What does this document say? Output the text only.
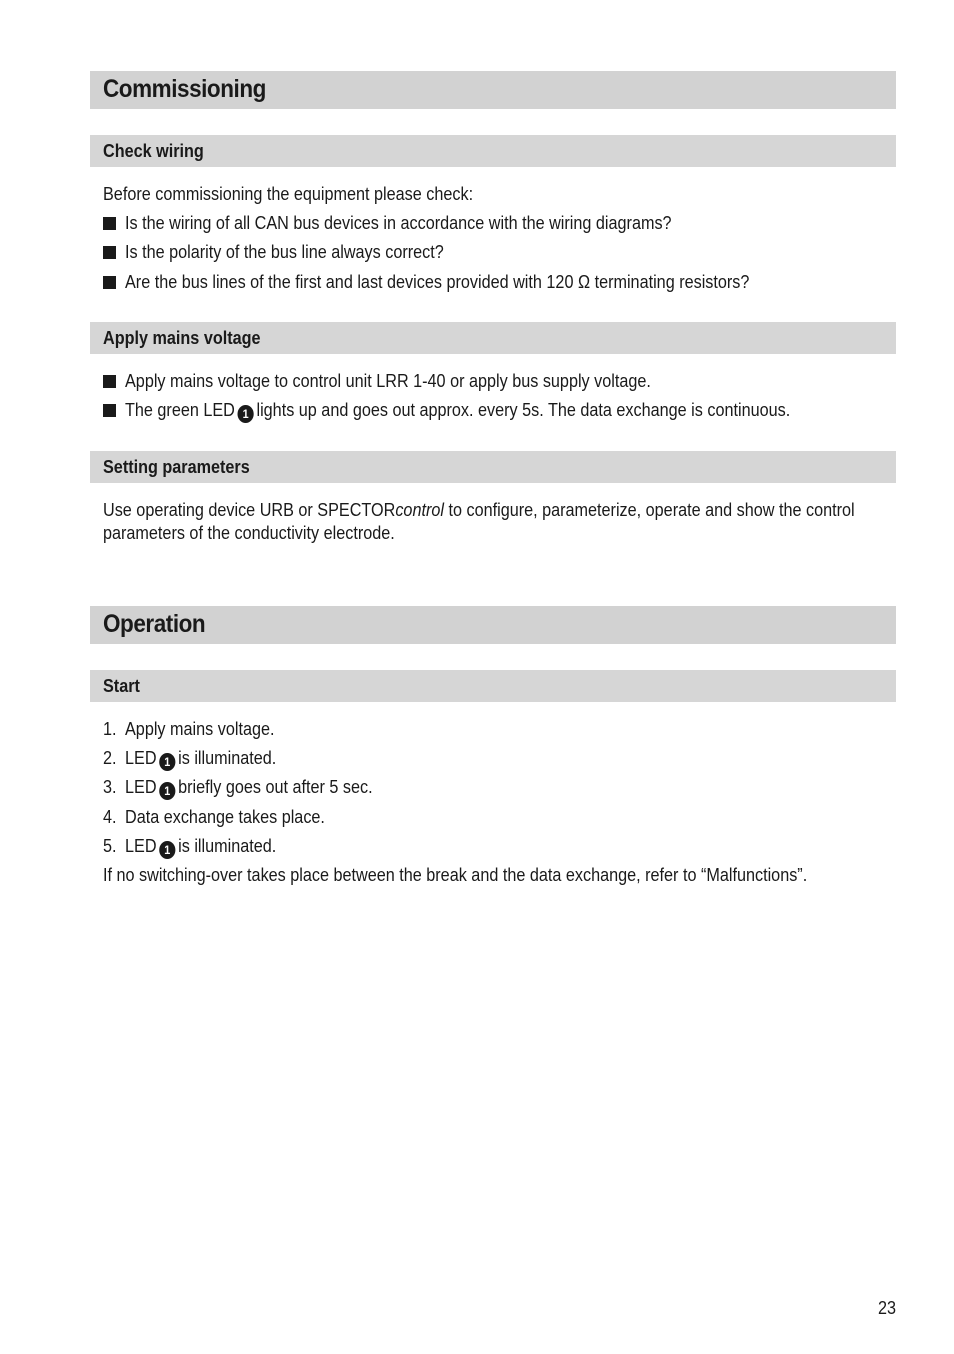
Commissioning
Check wiring
Before commissioning the equipment please check:
Is the wiring of all CAN bus devices in accordance with the wiring diagrams?
Is the polarity of the bus line always correct?
Are the bus lines of the first and last devices provided with 120 Ω terminating resistors?
Apply mains voltage
Apply mains voltage to control unit LRR 1-40 or apply bus supply voltage.
The green LED 1 lights up and goes out approx. every 5s. The data exchange is continuous.
Setting parameters
Use operating device URB or SPECTORcontrol to configure, parameterize, operate and show the control parameters of the conductivity electrode.
Operation
Start
1. Apply mains voltage.
2. LED 1 is illuminated.
3. LED 1 briefly goes out after 5 sec.
4. Data exchange takes place.
5. LED 1 is illuminated.
If no switching-over takes place between the break and the data exchange, refer to “Malfunctions”.
23
